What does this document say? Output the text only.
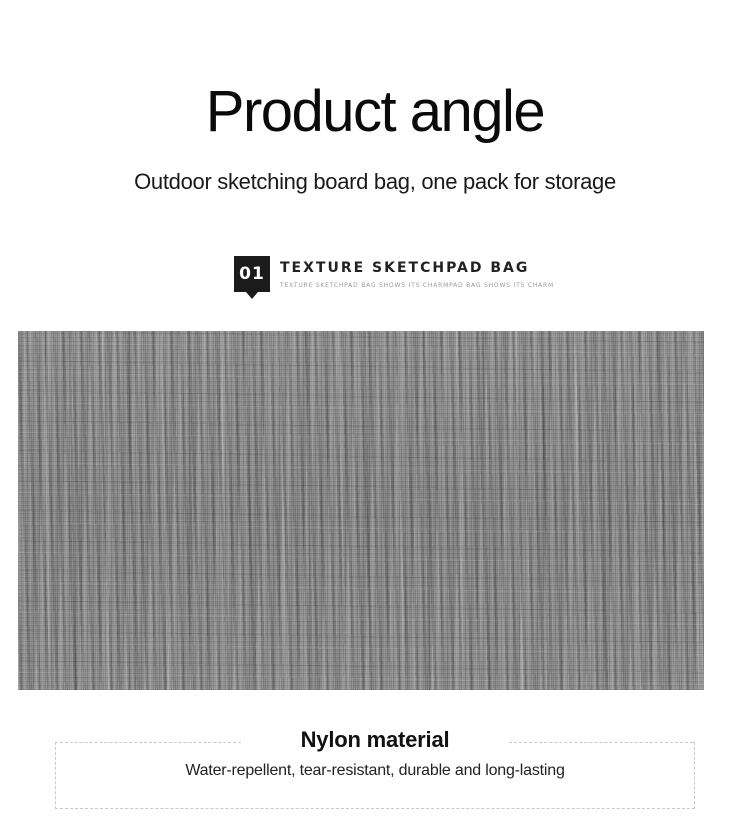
Product angle
Outdoor sketching board bag, one pack for storage
01	TEXTURE SKETCHPAD BAG
TEXTURE SKETCHPAD BAG SHOWS ITS CHARMPAD BAG SHOWS ITS CHARM
Nylon material
Water-repellent, tear-resistant, durable and long-lasting
